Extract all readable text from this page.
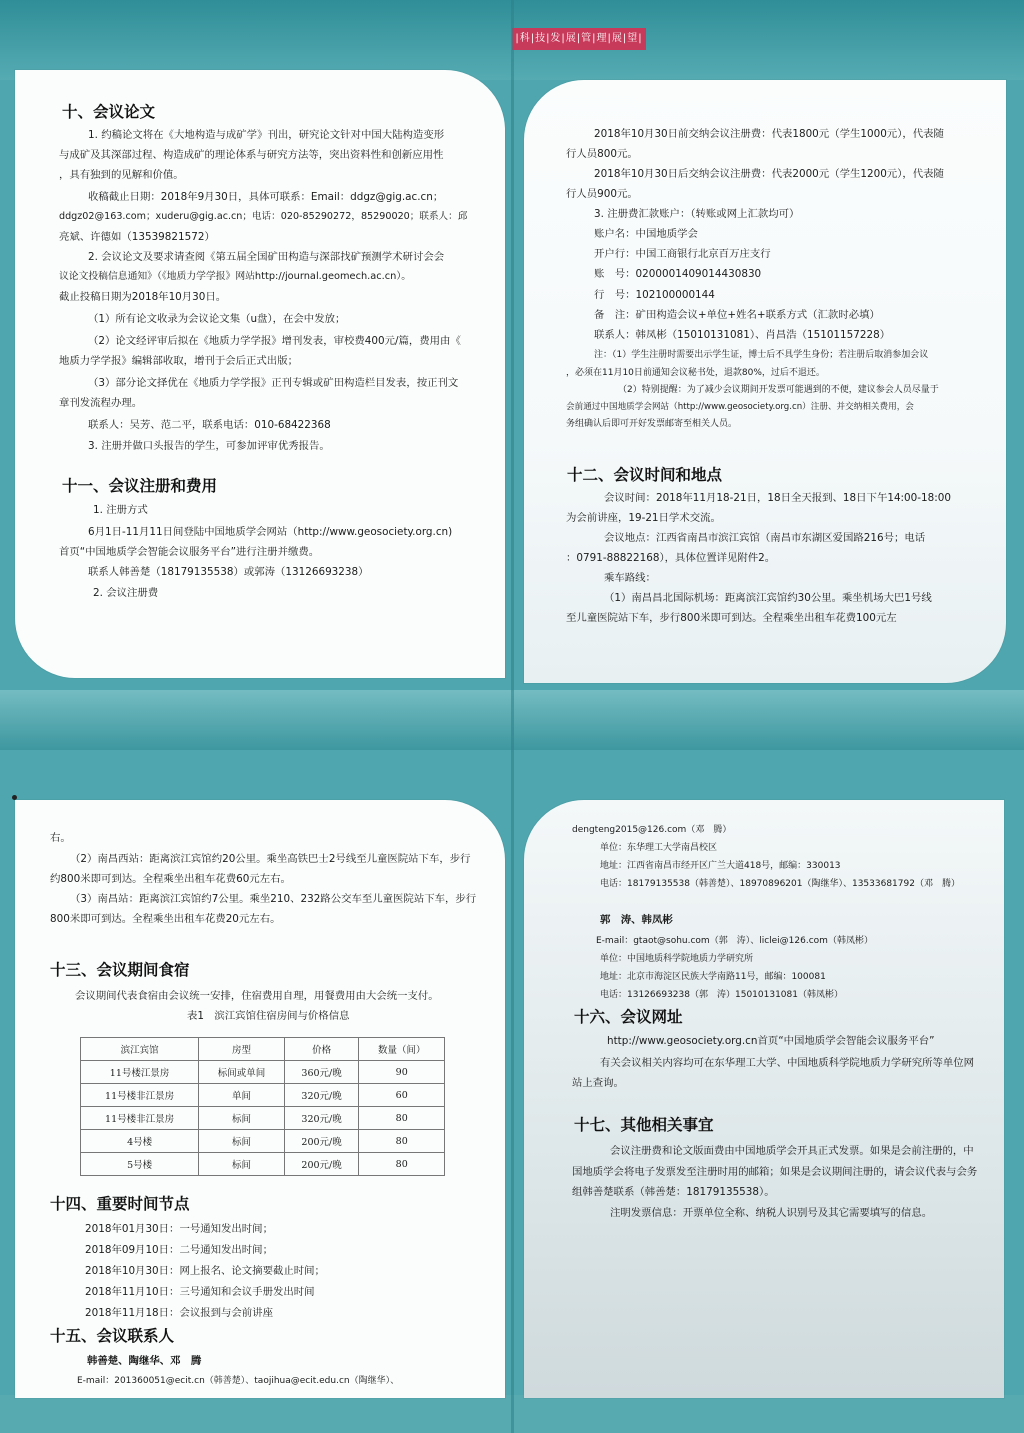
|科|技|发|展|管|理|展|望|
十、会议论文

1. 约稿论文将在《大地构造与成矿学》刊出，研究论文针对中国大陆构造变形

与成矿及其深部过程、构造成矿的理论体系与研究方法等，突出资料性和创新应用性

，具有独到的见解和价值。

收稿截止日期：2018年9月30日，具体可联系：Email：ddgz@gig.ac.cn；

ddgz02@163.com；xuderu@gig.ac.cn；电话：020-85290272，85290020；联系人：邱

亮斌、许德如（13539821572）

2. 会议论文及要求请查阅《第五届全国矿田构造与深部找矿预测学术研讨会会

议论文投稿信息通知》（《地质力学学报》网站http://journal.geomech.ac.cn）。

截止投稿日期为2018年10月30日。

（1）所有论文收录为会议论文集（u盘），在会中发放；

（2）论文经评审后拟在《地质力学学报》增刊发表，审校费400元/篇，费用由《

地质力学学报》编辑部收取，增刊于会后正式出版；

（3）部分论文择优在《地质力学学报》正刊专辑或矿田构造栏目发表，按正刊文

章刊发流程办理。

联系人：吴芳、范二平，联系电话：010-68422368

3. 注册并做口头报告的学生，可参加评审优秀报告。

十一、会议注册和费用

1. 注册方式

6月1日-11月11日间登陆中国地质学会网站（http://www.geosociety.org.cn)

首页“中国地质学会智能会议服务平台”进行注册并缴费。

联系人韩善楚（18179135538）或郭涛（13126693238）

2. 会议注册费

2018年10月30日前交纳会议注册费：代表1800元（学生1000元），代表随

行人员800元。

2018年10月30日后交纳会议注册费：代表2000元（学生1200元），代表随

行人员900元。

3. 注册费汇款账户：（转账或网上汇款均可）

账户名：中国地质学会

开户行：中国工商银行北京百万庄支行

账　号：0200001409014430830

行　号：102100000144

备　注：矿田构造会议+单位+姓名+联系方式（汇款时必填）

联系人：韩凤彬（15010131081）、肖昌浩（15101157228）

注：（1）学生注册时需要出示学生证，博士后不具学生身份；若注册后取消参加会议

，必须在11月10日前通知会议秘书处，退款80%，过后不退还。

（2）特别提醒：为了减少会议期间开发票可能遇到的不便，建议参会人员尽量于

会前通过中国地质学会网站（http://www.geosociety.org.cn）注册、并交纳相关费用，会

务组确认后即可开好发票邮寄至相关人员。

十二、会议时间和地点

会议时间：2018年11月18-21日，18日全天报到、18日下午14:00-18:00

为会前讲座，19-21日学术交流。

会议地点：江西省南昌市滨江宾馆（南昌市东湖区爱国路216号；电话

：0791-88822168），具体位置详见附件2。

乘车路线：

（1）南昌昌北国际机场：距离滨江宾馆约30公里。乘坐机场大巴1号线

至儿童医院站下车，步行800米即可到达。全程乘坐出租车花费100元左

右。

（2）南昌西站：距离滨江宾馆约20公里。乘坐高铁巴士2号线至儿童医院站下车，步行

约800米即可到达。全程乘坐出租车花费60元左右。

（3）南昌站：距离滨江宾馆约7公里。乘坐210、232路公交车至儿童医院站下车，步行

800米即可到达。全程乘坐出租车花费20元左右。

十三、会议期间食宿

会议期间代表食宿由会议统一安排，住宿费用自理，用餐费用由大会统一支付。

表1　滨江宾馆住宿房间与价格信息

滨江宾馆	房型	价格	数量（间）
11号楼江景房	标间或单间	360元/晚	90
11号楼非江景房	单间	320元/晚	60
11号楼非江景房	标间	320元/晚	80
4号楼	标间	200元/晚	80
5号楼	标间	200元/晚	80
十四、重要时间节点

2018年01月30日：一号通知发出时间；

2018年09月10日：二号通知发出时间；

2018年10月30日：网上报名、论文摘要截止时间；

2018年11月10日：三号通知和会议手册发出时间

2018年11月18日：会议报到与会前讲座

十五、会议联系人

韩善楚、陶继华、邓　腾

E-mail：201360051@ecit.cn（韩善楚）、taojihua@ecit.edu.cn（陶继华）、

dengteng2015@126.com（邓　腾）

单位：东华理工大学南昌校区

地址：江西省南昌市经开区广兰大道418号，邮编：330013

电话：18179135538（韩善楚）、18970896201（陶继华）、13533681792（邓　腾）

郭　涛、韩凤彬

E-mail：gtaot@sohu.com（郭　涛）、liclei@126.com（韩凤彬）

单位：中国地质科学院地质力学研究所

地址：北京市海淀区民族大学南路11号，邮编：100081

电话：13126693238（郭　涛）15010131081（韩凤彬）

十六、会议网址

http://www.geosociety.org.cn首页“中国地质学会智能会议服务平台”

有关会议相关内容均可在东华理工大学、中国地质科学院地质力学研究所等单位网

站上查询。

十七、其他相关事宜

会议注册费和论文版面费由中国地质学会开具正式发票。如果是会前注册的，中

国地质学会将电子发票发至注册时用的邮箱；如果是会议期间注册的，请会议代表与会务

组韩善楚联系（韩善楚：18179135538）。

注明发票信息：开票单位全称、纳税人识别号及其它需要填写的信息。
